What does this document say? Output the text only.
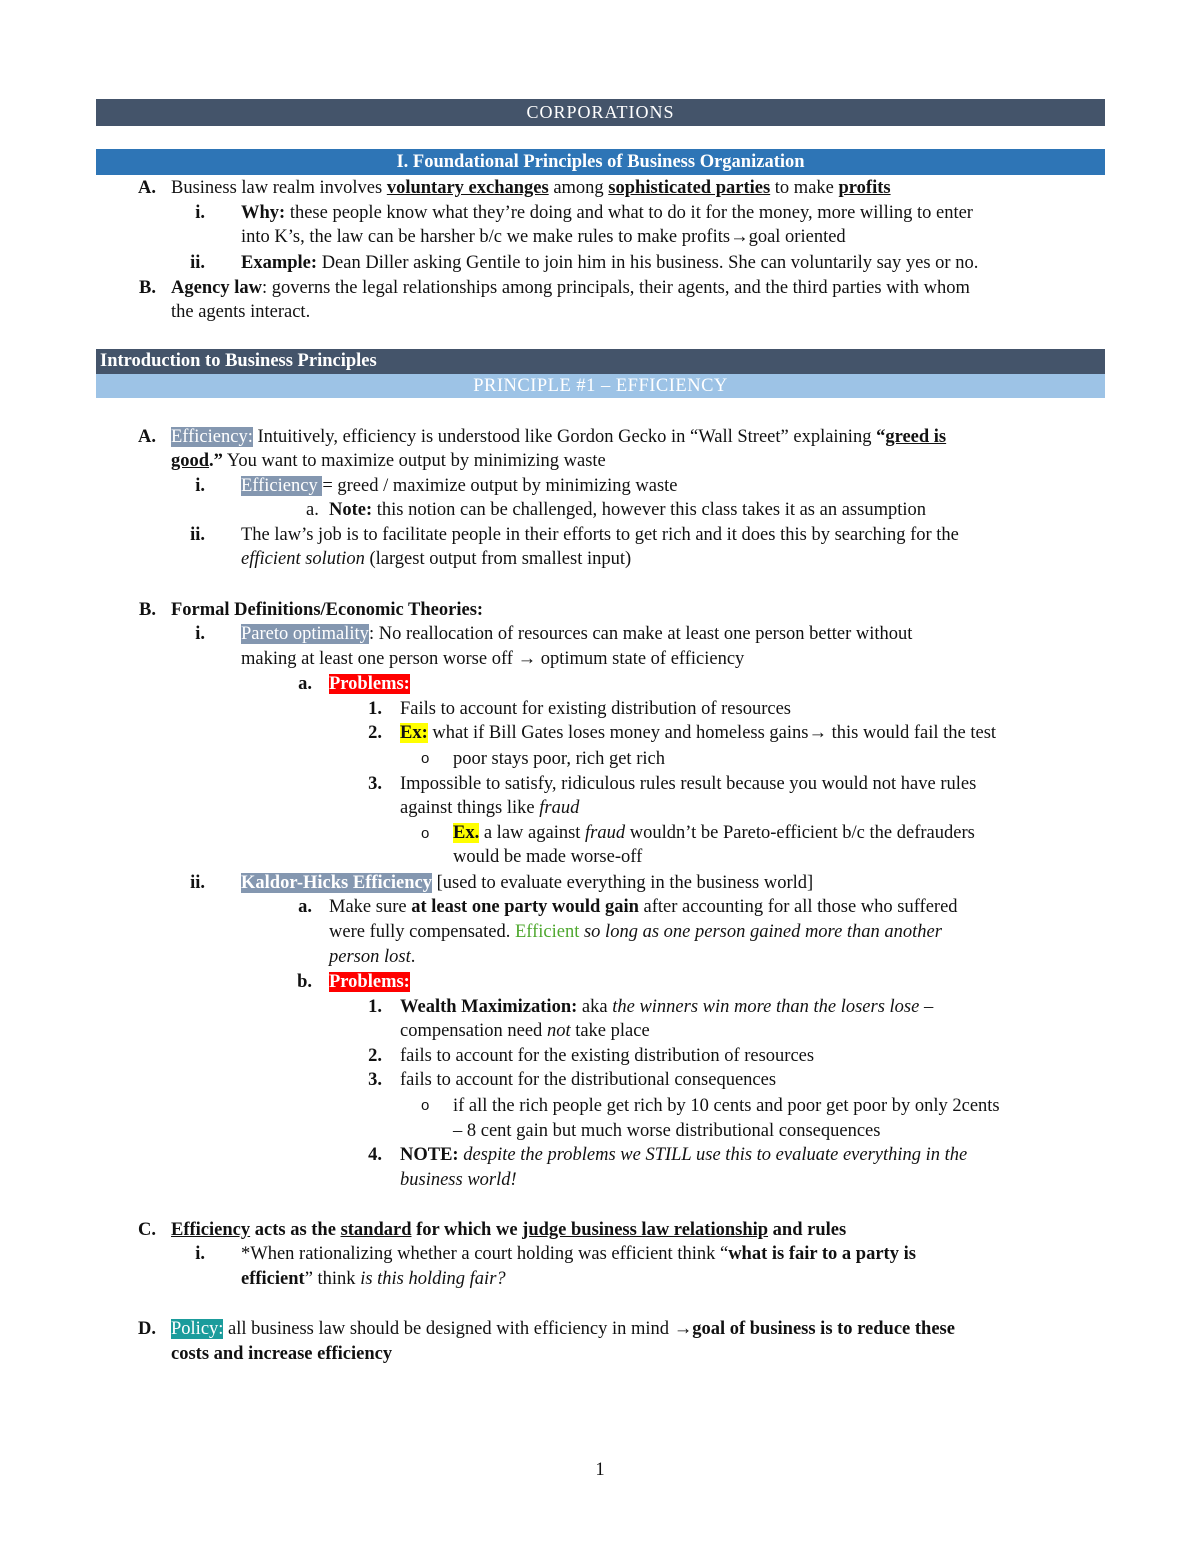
CORPORATIONS
I. Foundational Principles of Business Organization
A. Business law realm involves voluntary exchanges among sophisticated parties to make profits
i. Why: these people know what they’re doing and what to do it for the money, more willing to enter
into K’s, the law can be harsher b/c we make rules to make profits→goal oriented
ii. Example: Dean Diller asking Gentile to join him in his business. She can voluntarily say yes or no.
B. Agency law: governs the legal relationships among principals, their agents, and the third parties with whom
the agents interact.
Introduction to Business Principles
PRINCIPLE #1 – EFFICIENCY
A. Efficiency: Intuitively, efficiency is understood like Gordon Gecko in “Wall Street” explaining “greed is
good.” You want to maximize output by minimizing waste
i. Efficiency = greed / maximize output by minimizing waste
a. Note: this notion can be challenged, however this class takes it as an assumption
ii. The law’s job is to facilitate people in their efforts to get rich and it does this by searching for the
efficient solution (largest output from smallest input)
B. Formal Definitions/Economic Theories:
i. Pareto optimality: No reallocation of resources can make at least one person better without
making at least one person worse off → optimum state of efficiency
a. Problems:
1. Fails to account for existing distribution of resources
2. Ex: what if Bill Gates loses money and homeless gains→ this would fail the test
o poor stays poor, rich get rich
3. Impossible to satisfy, ridiculous rules result because you would not have rules
against things like fraud
o Ex. a law against fraud wouldn’t be Pareto-efficient b/c the defrauders
would be made worse-off
ii. Kaldor-Hicks Efficiency [used to evaluate everything in the business world]
a. Make sure at least one party would gain after accounting for all those who suffered
were fully compensated. Efficient so long as one person gained more than another
person lost.
b. Problems:
1. Wealth Maximization: aka the winners win more than the losers lose –
compensation need not take place
2. fails to account for the existing distribution of resources
3. fails to account for the distributional consequences
o if all the rich people get rich by 10 cents and poor get poor by only 2cents
– 8 cent gain but much worse distributional consequences
4. NOTE: despite the problems we STILL use this to evaluate everything in the
business world!
C. Efficiency acts as the standard for which we judge business law relationship and rules
i. *When rationalizing whether a court holding was efficient think “what is fair to a party is
efficient” think is this holding fair?
D. Policy: all business law should be designed with efficiency in mind →goal of business is to reduce these
costs and increase efficiency
1
